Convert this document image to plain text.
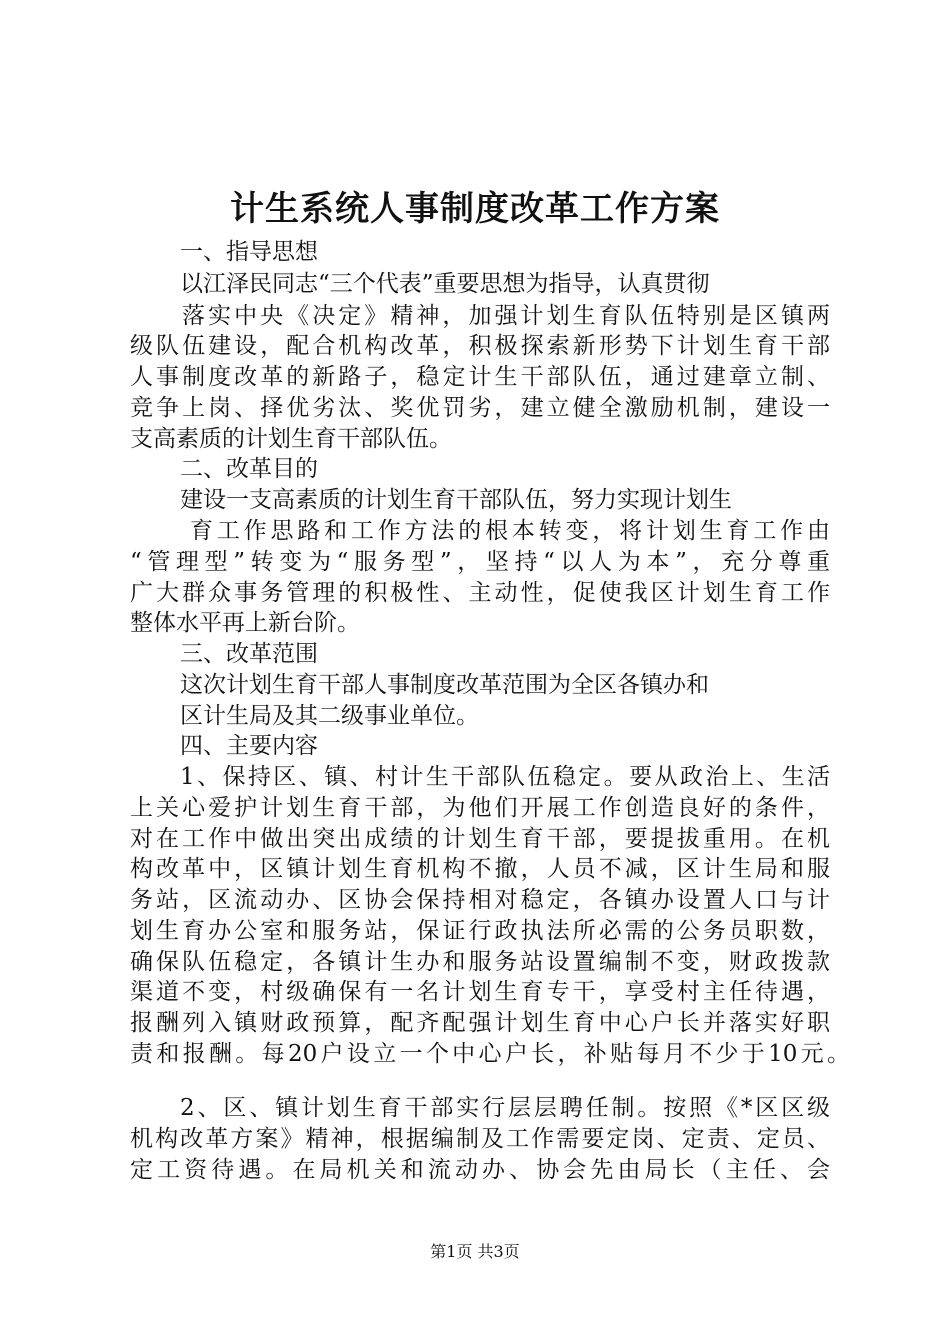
计生系统人事制度改革工作方案
一、指导思想
以江泽民同志“三个代表”重要思想为指导，认真贯彻
落实中央《决定》精神，加强计划生育队伍特别是区镇两
级队伍建设，配合机构改革，积极探索新形势下计划生育干部
人事制度改革的新路子，稳定计生干部队伍，通过建章立制、
竞争上岗、择优劣汰、奖优罚劣，建立健全激励机制，建设一
支高素质的计划生育干部队伍。
二、改革目的
建设一支高素质的计划生育干部队伍，努力实现计划生
育工作思路和工作方法的根本转变，将计划生育工作由
“管理型”转变为“服务型”，坚持“以人为本”，充分尊重
广大群众事务管理的积极性、主动性，促使我区计划生育工作
整体水平再上新台阶。
三、改革范围
这次计划生育干部人事制度改革范围为全区各镇办和
区计生局及其二级事业单位。
四、主要内容
1、保持区、镇、村计生干部队伍稳定。要从政治上、生活
上关心爱护计划生育干部，为他们开展工作创造良好的条件，
对在工作中做出突出成绩的计划生育干部，要提拔重用。在机
构改革中，区镇计划生育机构不撤，人员不减，区计生局和服
务站，区流动办、区协会保持相对稳定，各镇办设置人口与计
划生育办公室和服务站，保证行政执法所必需的公务员职数，
确保队伍稳定，各镇计生办和服务站设置编制不变，财政拨款
渠道不变，村级确保有一名计划生育专干，享受村主任待遇，
报酬列入镇财政预算，配齐配强计划生育中心户长并落实好职
责和报酬。每20户设立一个中心户长，补贴每月不少于10元。
2、区、镇计划生育干部实行层层聘任制。按照《*区区级
机构改革方案》精神，根据编制及工作需要定岗、定责、定员、
定工资待遇。在局机关和流动办、协会先由局长（主任、会
第1页 共3页
